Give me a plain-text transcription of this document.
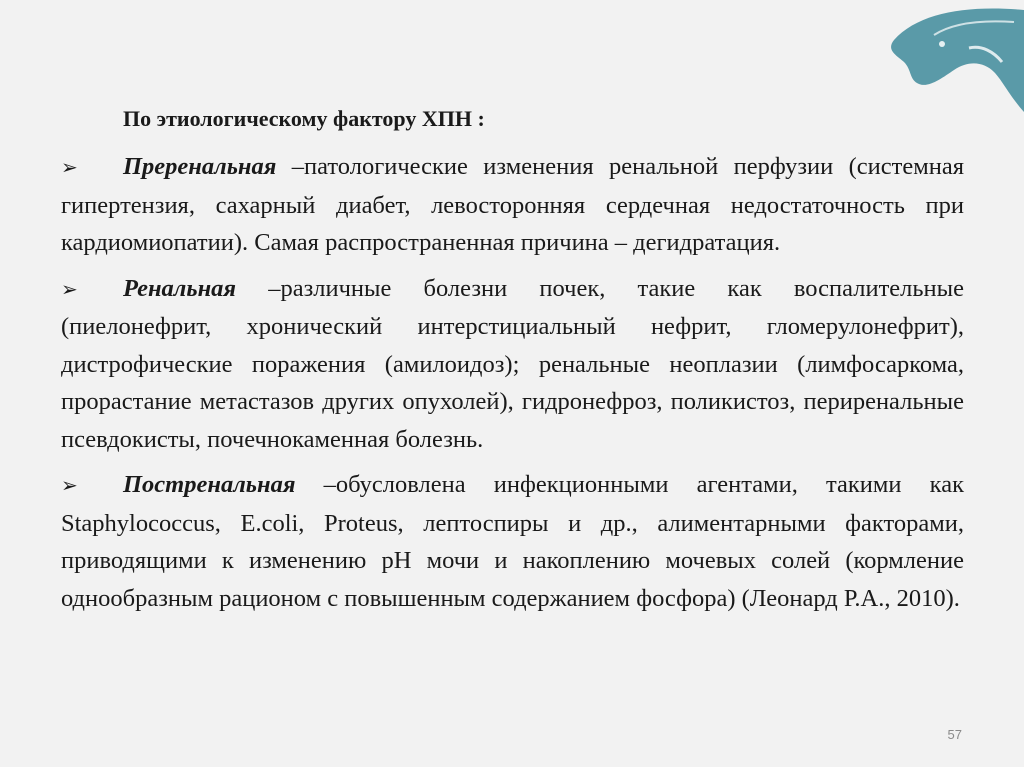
По этиологическому фактору ХПН :

➢ Преренальная –патологические изменения ренальной перфузии (системная гипертензия, сахарный диабет, левосторонняя сердечная недостаточность при кардиомиопатии). Самая распространенная причина – дегидратация.

➢ Ренальная –различные болезни почек, такие как воспалительные (пиелонефрит, хронический интерстициальный нефрит, гломерулонефрит), дистрофические поражения (амилоидоз); ренальные неоплазии (лимфосаркома, прорастание метастазов других опухолей), гидронефроз, поликистоз, периренальные псевдокисты, почечнокаменная болезнь.

➢ Постренальная –обусловлена инфекционными агентами, такими как Staphylococcus, E.coli, Proteus, лептоспиры и др., алиментарными факторами, приводящими к изменению рН мочи и накоплению мочевых солей (кормление однообразным рационом с повышенным содержанием фосфора) (Леонард Р.А., 2010).

57
